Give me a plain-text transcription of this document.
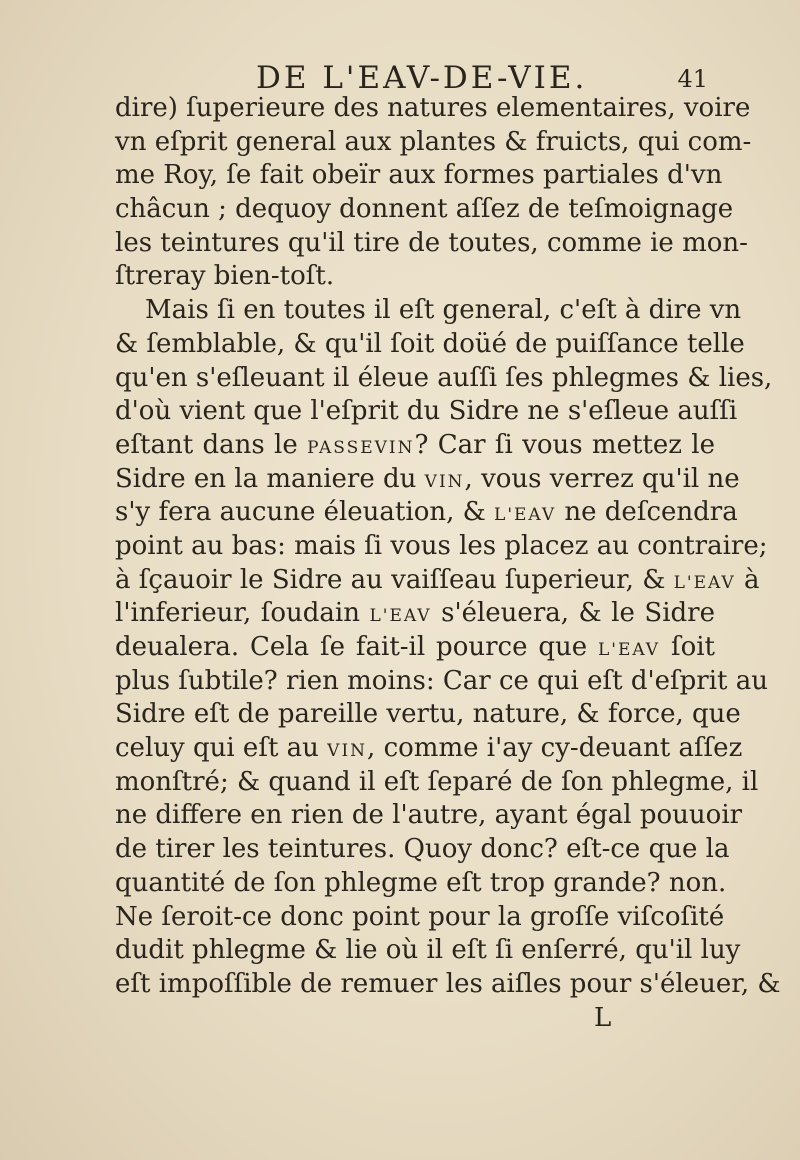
DE L'EAV-DE-VIE.	41
dire) ſuperieure des natures elementaires, voire
vn eſprit general aux plantes & fruicts, qui com-
me Roy, ſe fait obeïr aux formes partiales d'vn
châcun ; dequoy donnent aſſez de teſmoignage
les teintures qu'il tire de toutes, comme ie mon-
ſtreray bien-toſt.
Mais ſi en toutes il eſt general, c'eſt à dire vn
& ſemblable, & qu'il ſoit doüé de puiſſance telle
qu'en s'eſleuant il éleue auſſi ſes phlegmes & lies,
d'où vient que l'eſprit du Sidre ne s'eſleue auſſi
eſtant dans le PASSEVIN? Car ſi vous mettez le
Sidre en la maniere du VIN, vous verrez qu'il ne
s'y fera aucune éleuation, & L'EAV ne deſcendra
point au bas: mais ſi vous les placez au contraire;
à ſçauoir le Sidre au vaiſſeau ſuperieur, & L'EAV à
l'inferieur, ſoudain L'EAV s'éleuera, & le Sidre
deualera. Cela ſe fait-il pource que L'EAV ſoit
plus ſubtile? rien moins: Car ce qui eſt d'eſprit au
Sidre eſt de pareille vertu, nature, & force, que
celuy qui eſt au VIN, comme i'ay cy-deuant aſſez
monſtré; & quand il eſt ſeparé de ſon phlegme, il
ne differe en rien de l'autre, ayant égal pouuoir
de tirer les teintures. Quoy donc? eſt-ce que la
quantité de ſon phlegme eſt trop grande? non.
Ne ſeroit-ce donc point pour la groſſe viſcoſité
dudit phlegme & lie où il eſt ſi enſerré, qu'il luy
eſt impoſſible de remuer les aiſles pour s'éleuer, &
L
